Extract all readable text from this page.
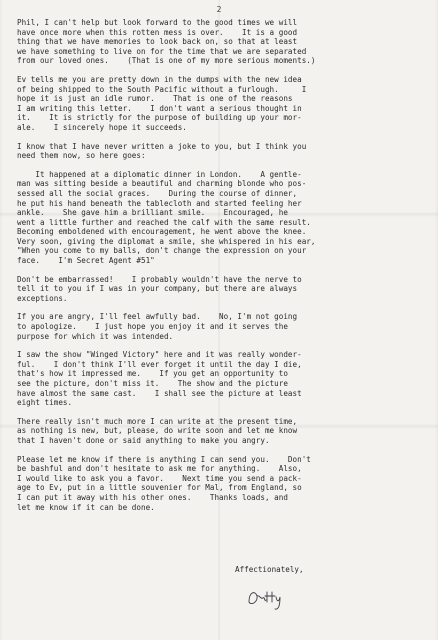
2

Phil, I can't help but look forward to the good times we will
have once more when this rotten mess is over.    It is a good
thing that we have memories to look back on, so that at least
we have something to live on for the time that we are separated
from our loved ones.    (That is one of my more serious moments.)

Ev tells me you are pretty down in the dumps with the new idea
of being shipped to the South Pacific without a furlough.     I
hope it is just an idle rumor.    That is one of the reasons
I am writing this letter.    I don't want a serious thought in
it.    It is strictly for the purpose of building up your mor-
ale.    I sincerely hope it succeeds.

I know that I have never written a joke to you, but I think you
need them now, so here goes:

It happened at a diplomatic dinner in London.    A gentle-
man was sitting beside a beautiful and charming blonde who pos-
sessed all the social graces.    During the course of dinner,
he put his hand beneath the tablecloth and started feeling her
ankle.    She gave him a brilliant smile.    Encouraged, he
went a little further and reached the calf with the same result.
Becoming emboldened with encouragement, he went above the knee.
Very soon, giving the diplomat a smile, she whispered in his ear,
"When you come to my balls, don't change the expression on your
face.    I'm Secret Agent #51"

Don't be embarrassed!    I probably wouldn't have the nerve to
tell it to you if I was in your company, but there are always
exceptions.

If you are angry, I'll feel awfully bad.    No, I'm not going
to apologize.    I just hope you enjoy it and it serves the
purpose for which it was intended.

I saw the show "Winged Victory" here and it was really wonder-
ful.    I don't think I'll ever forget it until the day I die,
that's how it impressed me.    If you get an opportunity to
see the picture, don't miss it.    The show and the picture
have almost the same cast.    I shall see the picture at least
eight times.

There really isn't much more I can write at the present time,
as nothing is new, but, please, do write soon and let me know
that I haven't done or said anything to make you angry.

Please let me know if there is anything I can send you.    Don't
be bashful and don't hesitate to ask me for anything.    Also,
I would like to ask you a favor.    Next time you send a pack-
age to Ev, put in a little souvenier for Mal, from England, so
I can put it away with his other ones.    Thanks loads, and
let me know if it can be done.

Affectionately,
